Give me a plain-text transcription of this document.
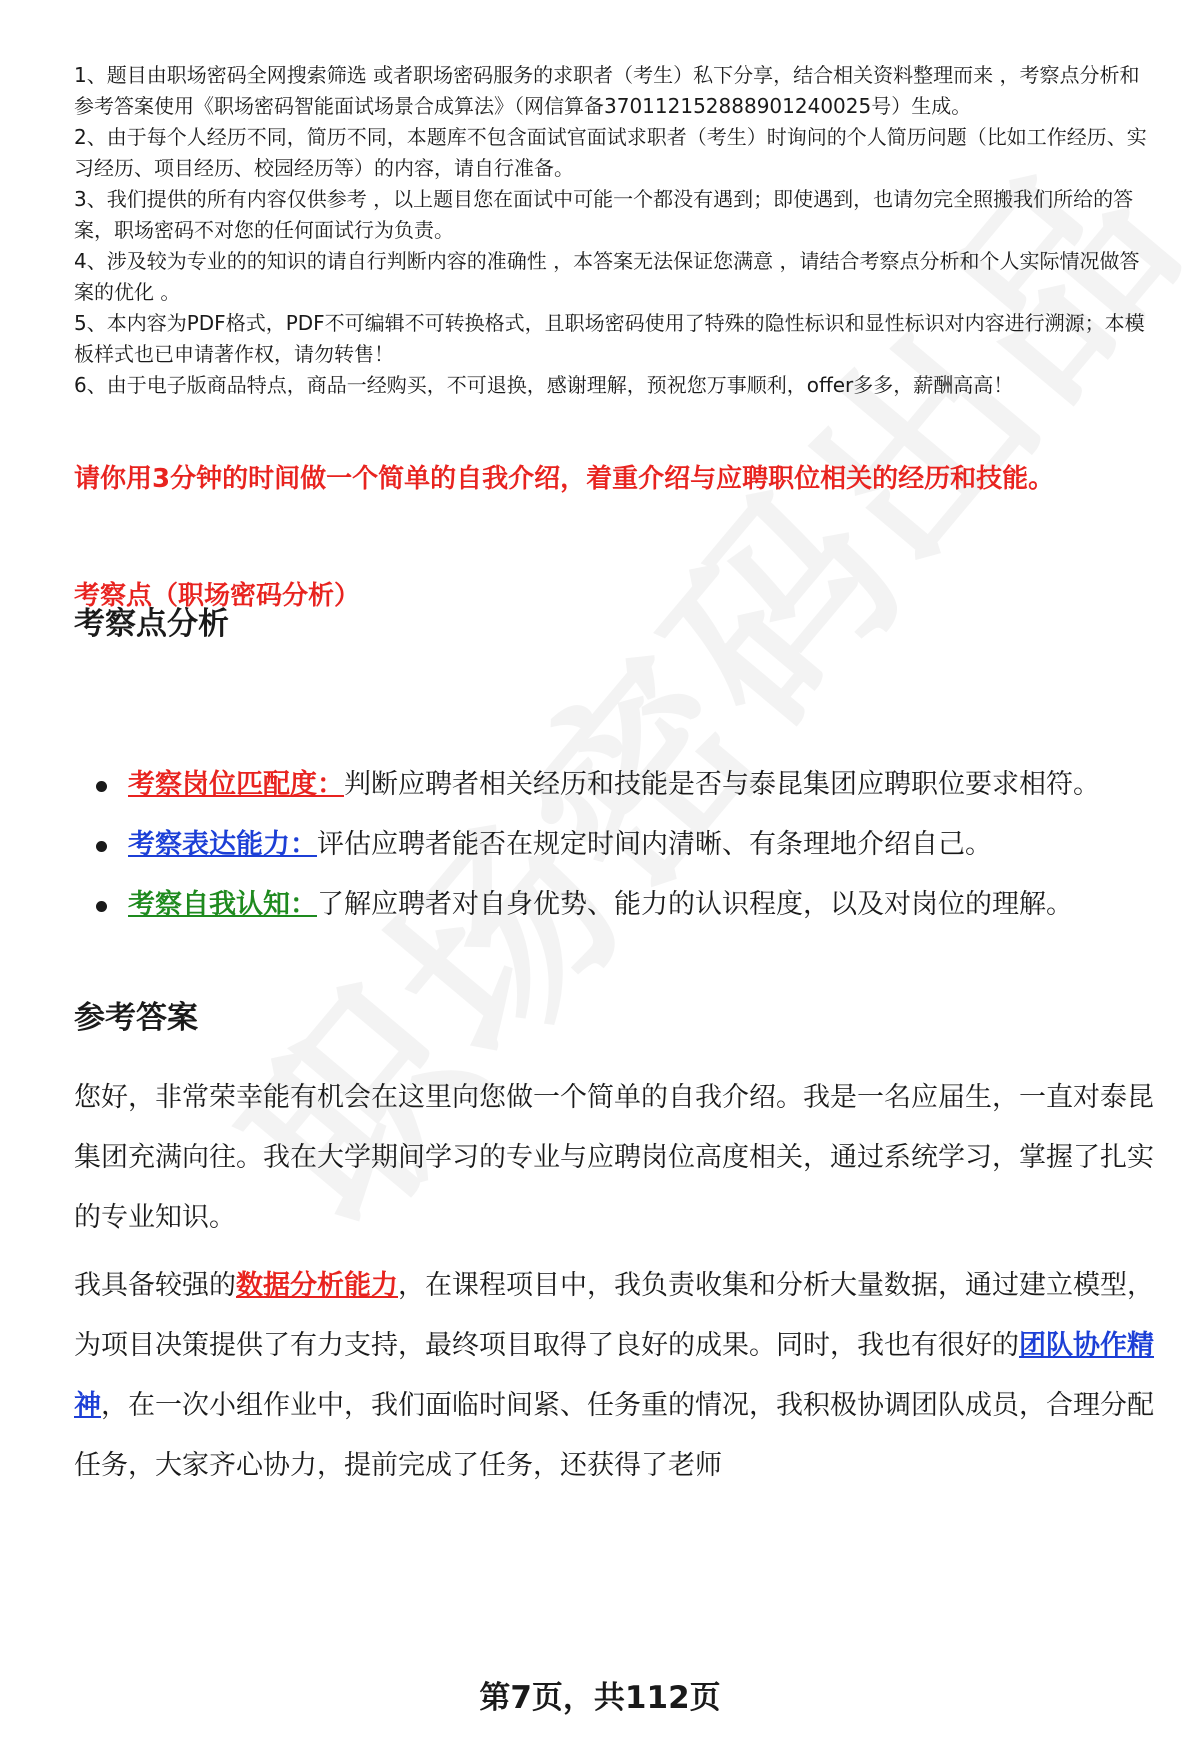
1、题目由职场密码全网搜索筛选 或者职场密码服务的求职者（考生）私下分享，结合相关资料整理而来 ，考察点分析和参考答案使用《职场密码智能面试场景合成算法》（网信算备370112152888901240025号）生成。

2、由于每个人经历不同，简历不同，本题库不包含面试官面试求职者（考生）时询问的个人简历问题（比如工作经历、实习经历、项目经历、校园经历等）的内容，请自行准备。

3、我们提供的所有内容仅供参考 ，以上题目您在面试中可能一个都没有遇到；即使遇到，也请勿完全照搬我们所给的答案，职场密码不对您的任何面试行为负责。

4、涉及较为专业的的知识的请自行判断内容的准确性 ，本答案无法保证您满意 ，请结合考察点分析和个人实际情况做答案的优化 。

5、本内容为PDF格式，PDF不可编辑不可转换格式，且职场密码使用了特殊的隐性标识和显性标识对内容进行溯源；本模板样式也已申请著作权，请勿转售！

6、由于电子版商品特点，商品一经购买，不可退换，感谢理解，预祝您万事顺利，offer多多，薪酬高高！

请你用3分钟的时间做一个简单的自我介绍，着重介绍与应聘职位相关的经历和技能。

考察点（职场密码分析）

考察点分析
考察岗位匹配度：判断应聘者相关经历和技能是否与泰昆集团应聘职位要求相符。
考察表达能力：评估应聘者能否在规定时间内清晰、有条理地介绍自己。
考察自我认知：了解应聘者对自身优势、能力的认识程度，以及对岗位的理解。
参考答案

您好，非常荣幸能有机会在这里向您做一个简单的自我介绍。我是一名应届生，一直对泰昆集团充满向往。我在大学期间学习的专业与应聘岗位高度相关，通过系统学习，掌握了扎实的专业知识。

我具备较强的数据分析能力，在课程项目中，我负责收集和分析大量数据，通过建立模型，为项目决策提供了有力支持，最终项目取得了良好的成果。同时，我也有很好的团队协作精神，在一次小组作业中，我们面临时间紧、任务重的情况，我积极协调团队成员，合理分配任务，大家齐心协力，提前完成了任务，还获得了老师

第7页，共112页
